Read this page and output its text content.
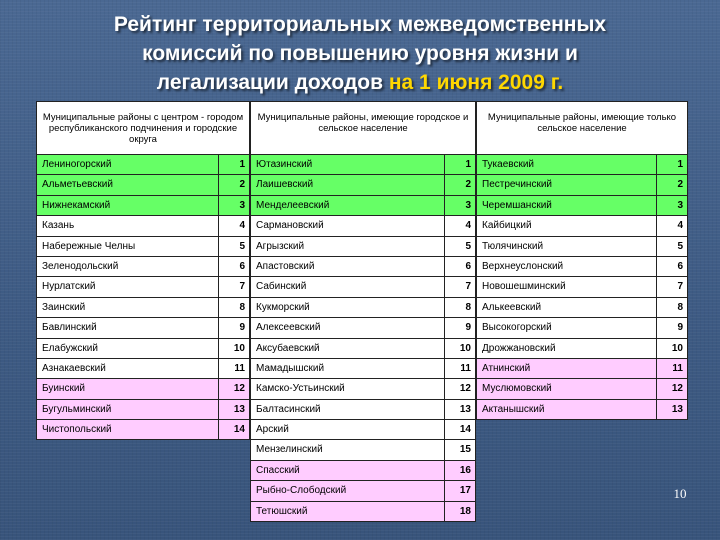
Рейтинг территориальных межведомственных
комиссий по повышению уровня жизни и
легализации доходов на 1 июня 2009 г.
Муниципальные районы с центром - городом республиканского подчинения и городские округа
Лениногорский	1
Альметьевский	2
Нижнекамский	3
Казань	4
Набережные Челны	5
Зеленодольский	6
Нурлатский	7
Заинский	8
Бавлинский	9
Елабужский	10
Азнакаевский	11
Буинский	12
Бугульминский	13
Чистопольский	14
Муниципальные районы, имеющие городское и сельское население
Ютазинский	1
Лаишевский	2
Менделеевский	3
Сармановский	4
Агрызский	5
Апастовский	6
Сабинский	7
Кукморский	8
Алексеевский	9
Аксубаевский	10
Мамадышский	11
Камско-Устьинский	12
Балтасинский	13
Арский	14
Мензелинский	15
Спасский	16
Рыбно-Слободский	17
Тетюшский	18
Муниципальные районы, имеющие только сельское население
Тукаевский	1
Пестречинский	2
Черемшанский	3
Кайбицкий	4
Тюлячинский	5
Верхнеуслонский	6
Новошешминский	7
Алькеевский	8
Высокогорский	9
Дрожжановский	10
Атнинский	11
Муслюмовский	12
Актанышский	13
10
